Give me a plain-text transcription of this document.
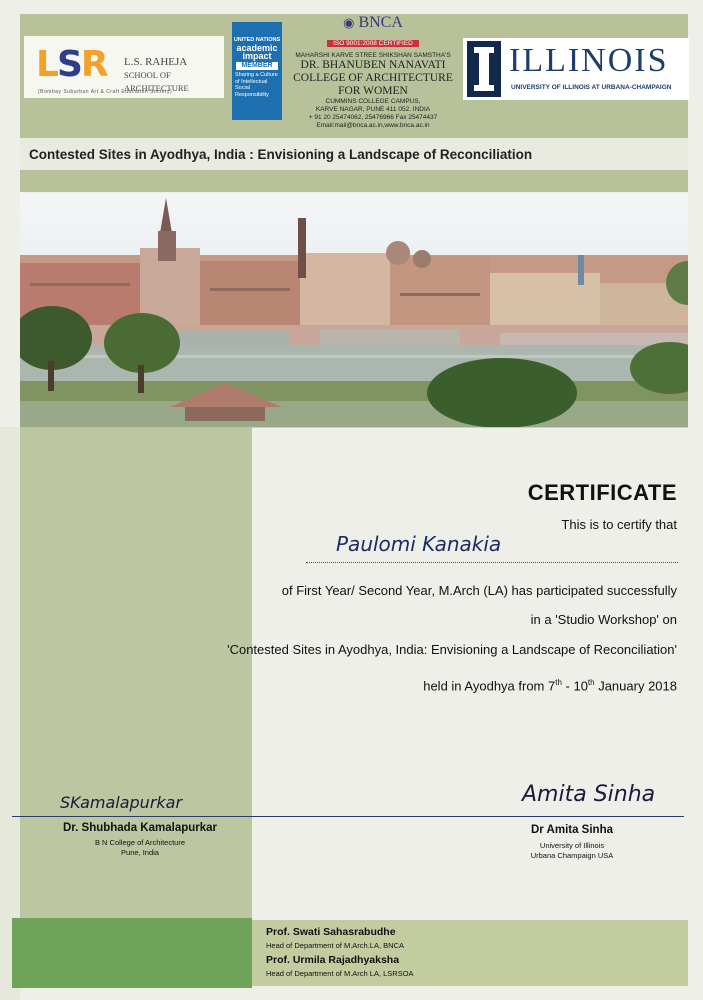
LSR L.S. RAHEJA
SCHOOL OF ARCHITECTURE
(Bombay Suburban Art & Craft Education Society)
UNITED NATIONS
academic
impact
MEMBER
Sharing a Culture of Intellectual Social Responsibility
◉ BNCA
ISO 9001:2008 CERTIFIED
MAHARSHI KARVE STREE SHIKSHAN SAMSTHA'S
DR. BHANUBEN NANAVATI
COLLEGE OF ARCHITECTURE
FOR WOMEN
CUMMINS COLLEGE CAMPUS,
KARVE NAGAR, PUNE 411 052. INDIA
+ 91 20 25474062, 25476966 Fax 25474437
Email:mail@bnca.ac.in,www.bnca.ac.in
ILLINOIS
UNIVERSITY OF ILLINOIS AT URBANA-CHAMPAIGN
Contested Sites in Ayodhya, India : Envisioning a Landscape of Reconciliation
CERTIFICATE
This is to certify that
Paulomi Kanakia
of First Year/ Second Year, M.Arch (LA) has participated successfully
in a 'Studio Workshop' on
'Contested Sites in Ayodhya, India: Envisioning a Landscape of Reconciliation'
held in Ayodhya from 7th - 10th January 2018
SKamalapurkar
Dr. Shubhada Kamalapurkar
B N College of Architecture
Pune, India
Amita Sinha
Dr Amita Sinha
University of Illinois
Urbana Champaign USA
Prof. Swati Sahasrabudhe
Head of Department of M.Arch.LA, BNCA
Prof. Urmila Rajadhyaksha
Head of Department of M.Arch LA, LSRSOA
